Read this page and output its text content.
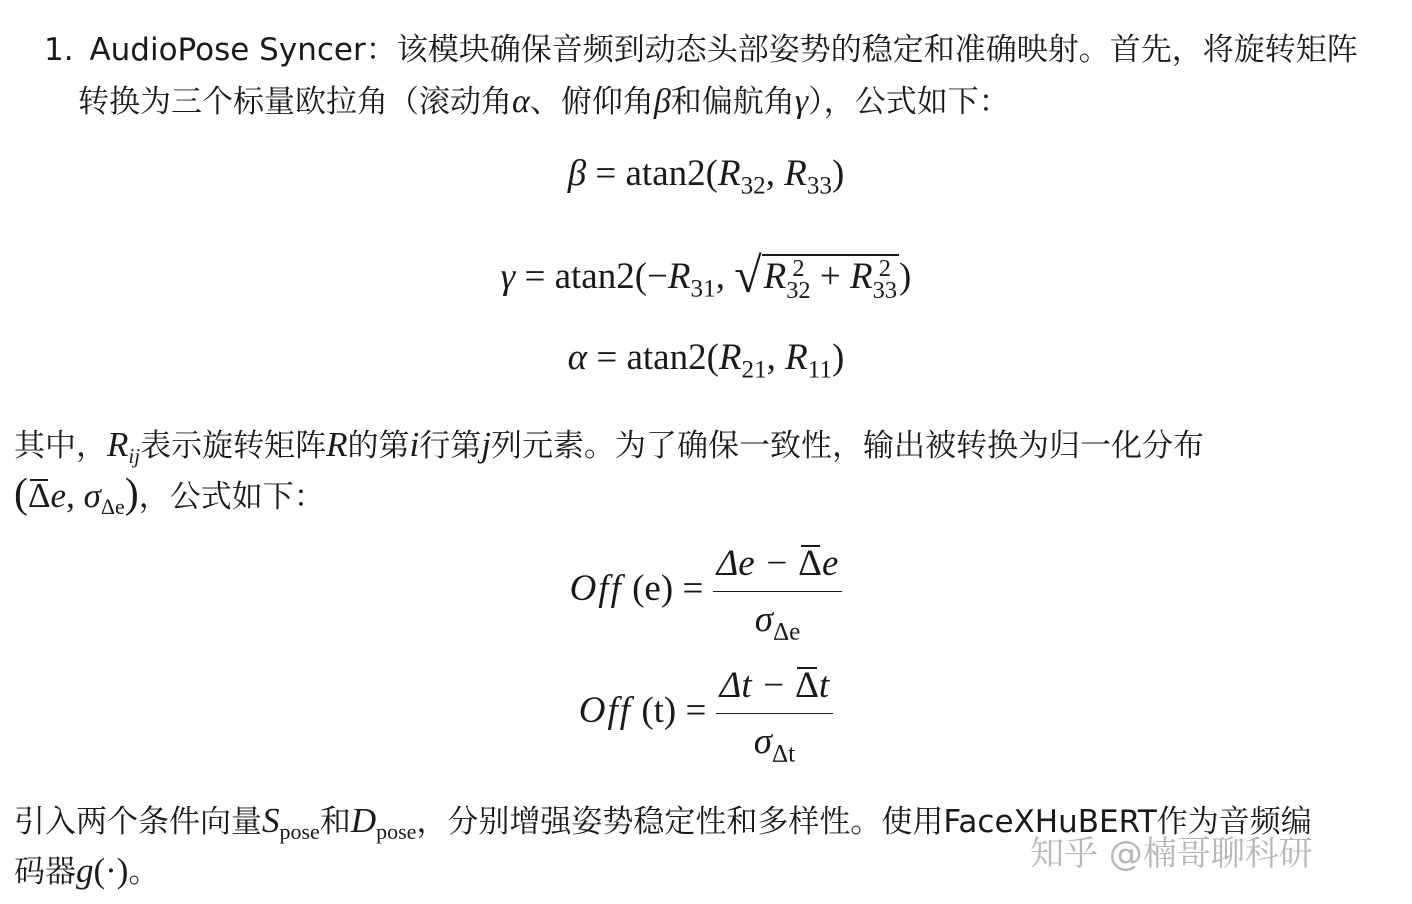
1. AudioPose Syncer：该模块确保音频到动态头部姿势的稳定和准确映射。首先，将旋转矩阵
转换为三个标量欧拉角（滚动角α、俯仰角β和偏航角γ），公式如下：
$\beta = atan2(R_{32}$, $R_{33}$)
$\gamma = atan2(-R_{31}$, √R 2
32 + R 2
33 )
$\alpha = atan2(R_{21}$, $R_{11}$)
其中，$R_{ij}$表示旋转矩阵R的第i行第j列元素。为了确保一致性，输出被转换为归一化分布
(Δe, $\sigma_{\Delta e}$)，公式如下：
Off $(e) = \frac{\Delta e - \Delta e}{\sigma_{\Delta e}}$
Off $(t) = \frac{\Delta t - \Delta t}{\sigma_{\Delta t}}$
引入两个条件向量$S_{pose}$和$D_{pose}$，分别增强姿势稳定性和多样性。使用FaceXHuBERT作为音频编
码器g(·)。	知乎 @楠哥聊科研
